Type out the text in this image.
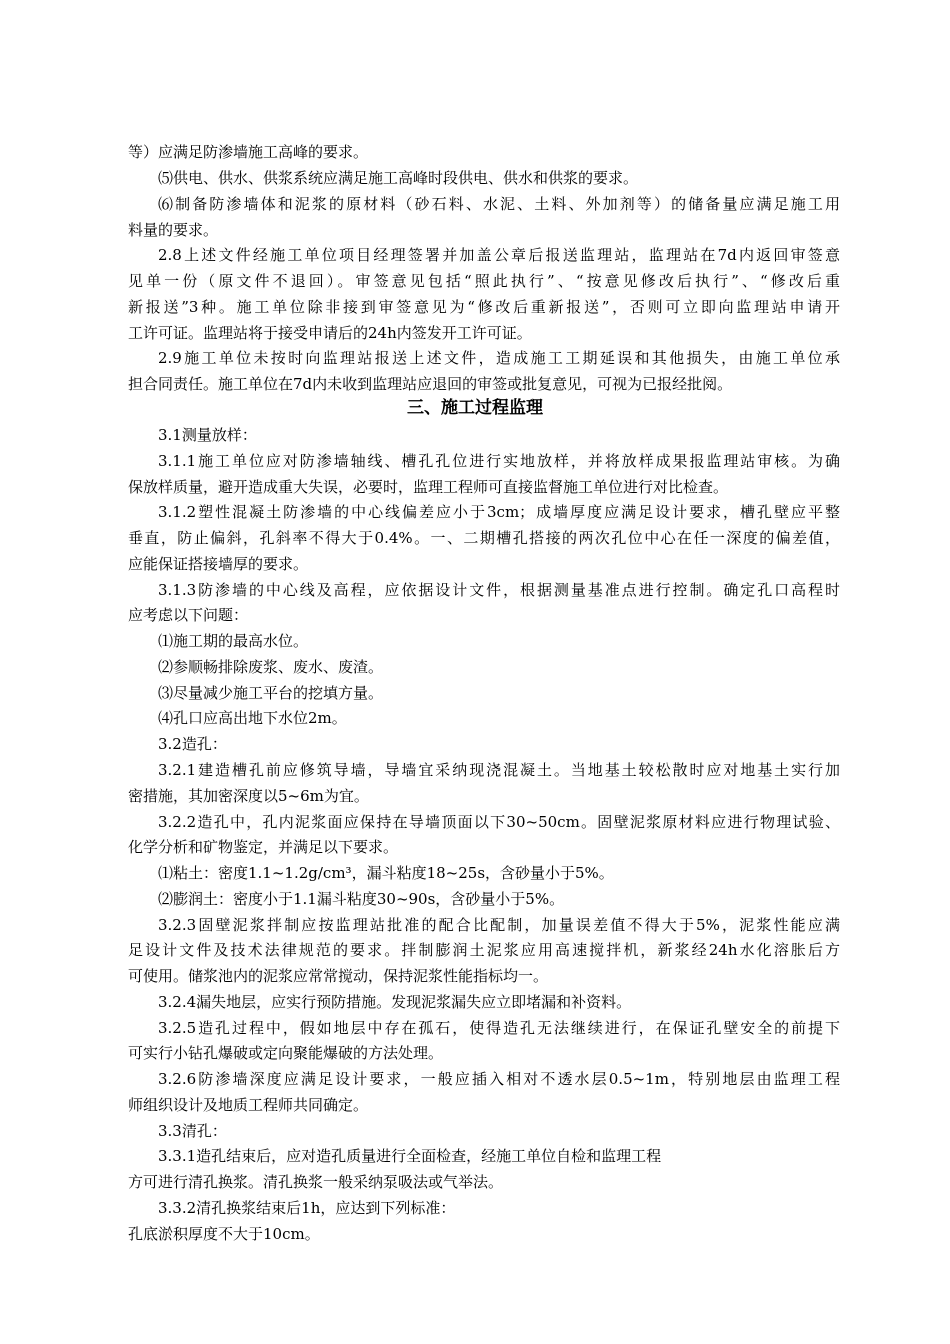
等）应满足防渗墙施工高峰的要求。
⑸供电、供水、供浆系统应满足施工高峰时段供电、供水和供浆的要求。
⑹制备防渗墙体和泥浆的原材料（砂石料、水泥、土料、外加剂等）的储备量应满足施工用
料量的要求。
2.8上述文件经施工单位项目经理签署并加盖公章后报送监理站，监理站在7d内返回审签意
见单一份（原文件不退回）。审签意见包括“照此执行”、“按意见修改后执行”、“修改后重
新报送”3种。施工单位除非接到审签意见为“修改后重新报送”，否则可立即向监理站申请开
工许可证。监理站将于接受申请后的24h内签发开工许可证。
2.9施工单位未按时向监理站报送上述文件，造成施工工期延误和其他损失，由施工单位承
担合同责任。施工单位在7d内未收到监理站应退回的审签或批复意见，可视为已报经批阅。
三、施工过程监理
3.1测量放样：
3.1.1施工单位应对防渗墙轴线、槽孔孔位进行实地放样，并将放样成果报监理站审核。为确
保放样质量，避开造成重大失误，必要时，监理工程师可直接监督施工单位进行对比检查。
3.1.2塑性混凝土防渗墙的中心线偏差应小于3cm；成墙厚度应满足设计要求，槽孔壁应平整
垂直，防止偏斜，孔斜率不得大于0.4%。一、二期槽孔搭接的两次孔位中心在任一深度的偏差值，
应能保证搭接墙厚的要求。
3.1.3防渗墙的中心线及高程，应依据设计文件，根据测量基准点进行控制。确定孔口高程时
应考虑以下问题：
⑴施工期的最高水位。
⑵参顺畅排除废浆、废水、废渣。
⑶尽量减少施工平台的挖填方量。
⑷孔口应高出地下水位2m。
3.2造孔：
3.2.1建造槽孔前应修筑导墙，导墙宜采纳现浇混凝土。当地基土较松散时应对地基土实行加
密措施，其加密深度以5~6m为宜。
3.2.2造孔中，孔内泥浆面应保持在导墙顶面以下30~50cm。固壁泥浆原材料应进行物理试验、
化学分析和矿物鉴定，并满足以下要求。
⑴粘土：密度1.1~1.2g/cm³，漏斗粘度18~25s，含砂量小于5%。
⑵膨润土：密度小于1.1漏斗粘度30~90s，含砂量小于5%。
3.2.3固壁泥浆拌制应按监理站批准的配合比配制，加量误差值不得大于5%，泥浆性能应满
足设计文件及技术法律规范的要求。拌制膨润土泥浆应用高速搅拌机，新浆经24h水化溶胀后方
可使用。储浆池内的泥浆应常常搅动，保持泥浆性能指标均一。
3.2.4漏失地层，应实行预防措施。发现泥浆漏失应立即堵漏和补资料。
3.2.5造孔过程中，假如地层中存在孤石，使得造孔无法继续进行，在保证孔壁安全的前提下
可实行小钻孔爆破或定向聚能爆破的方法处理。
3.2.6防渗墙深度应满足设计要求，一般应插入相对不透水层0.5~1m，特别地层由监理工程
师组织设计及地质工程师共同确定。
3.3清孔：
3.3.1造孔结束后，应对造孔质量进行全面检查，经施工单位自检和监理工程
方可进行清孔换浆。清孔换浆一般采纳泵吸法或气举法。
3.3.2清孔换浆结束后1h，应达到下列标准：
孔底淤积厚度不大于10cm。
